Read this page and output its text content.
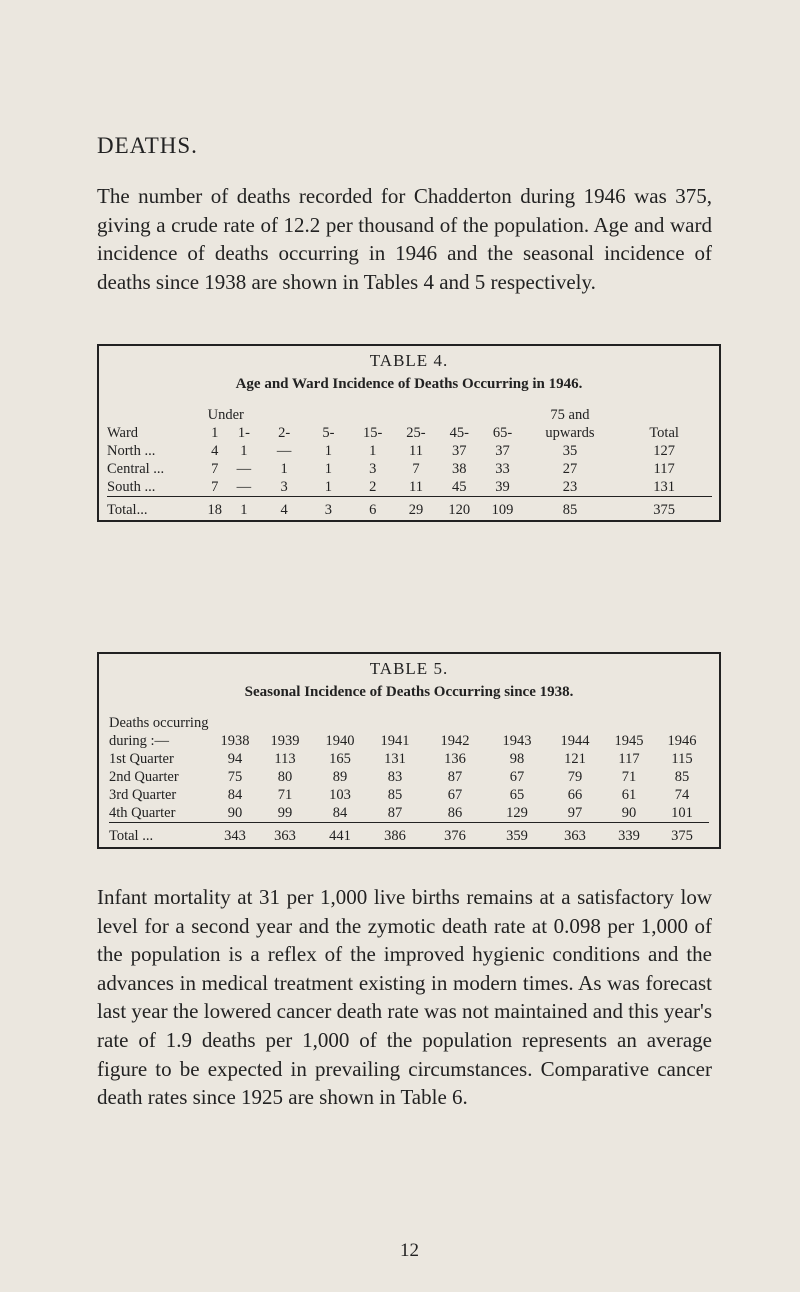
DEATHS.

The number of deaths recorded for Chadderton during 1946 was 375, giving a crude rate of 12.2 per thousand of the population. Age and ward incidence of deaths occurring in 1946 and the seasonal incidence of deaths since 1938 are shown in Tables 4 and 5 respectively.

TABLE 4.
Age and Ward Incidence of Deaths Occurring in 1946.
	Under								75 and	
Ward	1	1-	2-	5-	15-	25-	45-	65-	upwards	Total
North ...	4	1	—	1	1	11	37	37	35	127
Central ...	7	—	1	1	3	7	38	33	27	117
South ...	7	—	3	1	2	11	45	39	23	131
Total...	18	1	4	3	6	29	120	109	85	375
TABLE 5.
Seasonal Incidence of Deaths Occurring since 1938.
Deaths occurring									
during :—	1938	1939	1940	1941	1942	1943	1944	1945	1946
1st Quarter	94	113	165	131	136	98	121	117	115
2nd Quarter	75	80	89	83	87	67	79	71	85
3rd Quarter	84	71	103	85	67	65	66	61	74
4th Quarter	90	99	84	87	86	129	97	90	101
Total ...	343	363	441	386	376	359	363	339	375

Infant mortality at 31 per 1,000 live births remains at a satisfactory low level for a second year and the zymotic death rate at 0.098 per 1,000 of the population is a reflex of the improved hygienic conditions and the advances in medical treatment existing in modern times. As was forecast last year the lowered cancer death rate was not maintained and this year's rate of 1.9 deaths per 1,000 of the population represents an average figure to be expected in prevailing circumstances. Comparative cancer death rates since 1925 are shown in Table 6.

12
